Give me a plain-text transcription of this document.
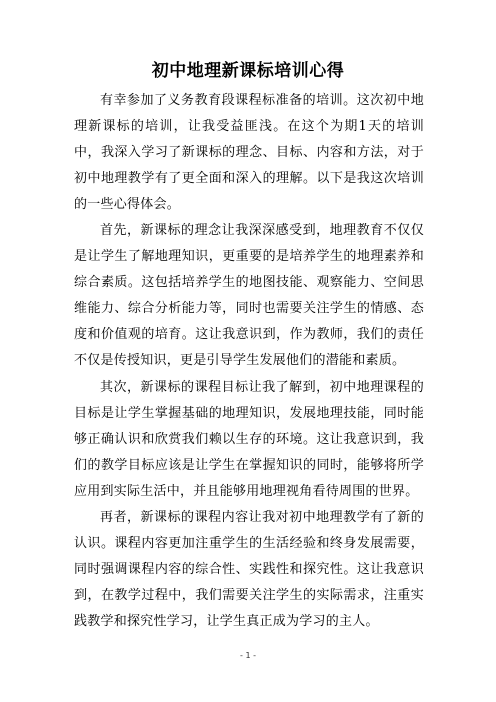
初中地理新课标培训心得

有幸参加了义务教育段课程标准备的培训。这次初中地理新课标的培训，让我受益匪浅。在这个为期1天的培训中，我深入学习了新课标的理念、目标、内容和方法，对于初中地理教学有了更全面和深入的理解。以下是我这次培训的一些心得体会。

首先，新课标的理念让我深深感受到，地理教育不仅仅是让学生了解地理知识，更重要的是培养学生的地理素养和综合素质。这包括培养学生的地图技能、观察能力、空间思维能力、综合分析能力等，同时也需要关注学生的情感、态度和价值观的培育。这让我意识到，作为教师，我们的责任不仅是传授知识，更是引导学生发展他们的潜能和素质。

其次，新课标的课程目标让我了解到，初中地理课程的目标是让学生掌握基础的地理知识，发展地理技能，同时能够正确认识和欣赏我们赖以生存的环境。这让我意识到，我们的教学目标应该是让学生在掌握知识的同时，能够将所学应用到实际生活中，并且能够用地理视角看待周围的世界。

再者，新课标的课程内容让我对初中地理教学有了新的认识。课程内容更加注重学生的生活经验和终身发展需要，同时强调课程内容的综合性、实践性和探究性。这让我意识到，在教学过程中，我们需要关注学生的实际需求，注重实践教学和探究性学习，让学生真正成为学习的主人。

- 1 -
